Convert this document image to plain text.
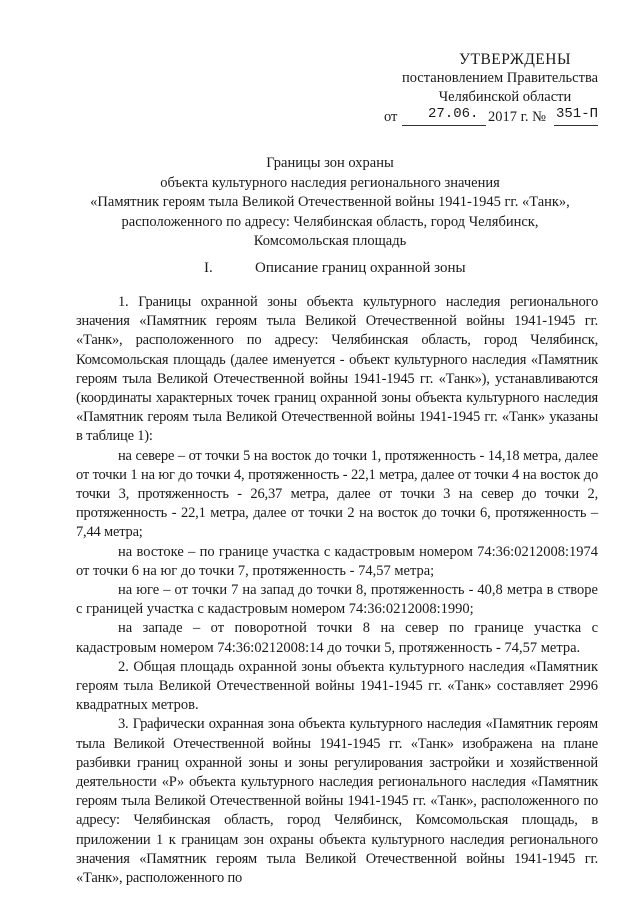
УТВЕРЖДЕНЫ
постановлением Правительства
Челябинской области
от 27.06. 2017 г. № 351-П
Границы зон охраны
объекта культурного наследия регионального значения
«Памятник героям тыла Великой Отечественной войны 1941-1945 гг. «Танк»,
расположенного по адресу: Челябинская область, город Челябинск,
Комсомольская площадь
I.	Описание границ охранной зоны

1. Границы охранной зоны объекта культурного наследия регионального значения «Памятник героям тыла Великой Отечественной войны 1941-1945 гг. «Танк», расположенного по адресу: Челябинская область, город Челябинск, Комсомольская площадь (далее именуется - объект культурного наследия «Памятник героям тыла Великой Отечественной войны 1941-1945 гг. «Танк»), устанавливаются (координаты характерных точек границ охранной зоны объекта культурного наследия «Памятник героям тыла Великой Отечественной войны 1941-1945 гг. «Танк» указаны в таблице 1):

на севере – от точки 5 на восток до точки 1, протяженность - 14,18 метра, далее от точки 1 на юг до точки 4, протяженность - 22,1 метра, далее от точки 4 на восток до точки 3, протяженность - 26,37 метра, далее от точки 3 на север до точки 2, протяженность - 22,1 метра, далее от точки 2 на восток до точки 6, протяженность – 7,44 метра;

на востоке – по границе участка с кадастровым номером 74:36:0212008:1974 от точки 6 на юг до точки 7, протяженность - 74,57 метра;

на юге – от точки 7 на запад до точки 8, протяженность - 40,8 метра в створе с границей участка с кадастровым номером 74:36:0212008:1990;

на западе – от поворотной точки 8 на север по границе участка с кадастровым номером 74:36:0212008:14 до точки 5, протяженность - 74,57 метра.

2. Общая площадь охранной зоны объекта культурного наследия «Памятник героям тыла Великой Отечественной войны 1941-1945 гг. «Танк» составляет 2996 квадратных метров.

3. Графически охранная зона объекта культурного наследия «Памятник героям тыла Великой Отечественной войны 1941-1945 гг. «Танк» изображена на плане разбивки границ охранной зоны и зоны регулирования застройки и хозяйственной деятельности «Р» объекта культурного наследия регионального наследия «Памятник героям тыла Великой Отечественной войны 1941-1945 гг. «Танк», расположенного по адресу: Челябинская область, город Челябинск, Комсомольская площадь, в приложении 1 к границам зон охраны объекта культурного наследия регионального значения «Памятник героям тыла Великой Отечественной войны 1941-1945 гг. «Танк», расположенного по
